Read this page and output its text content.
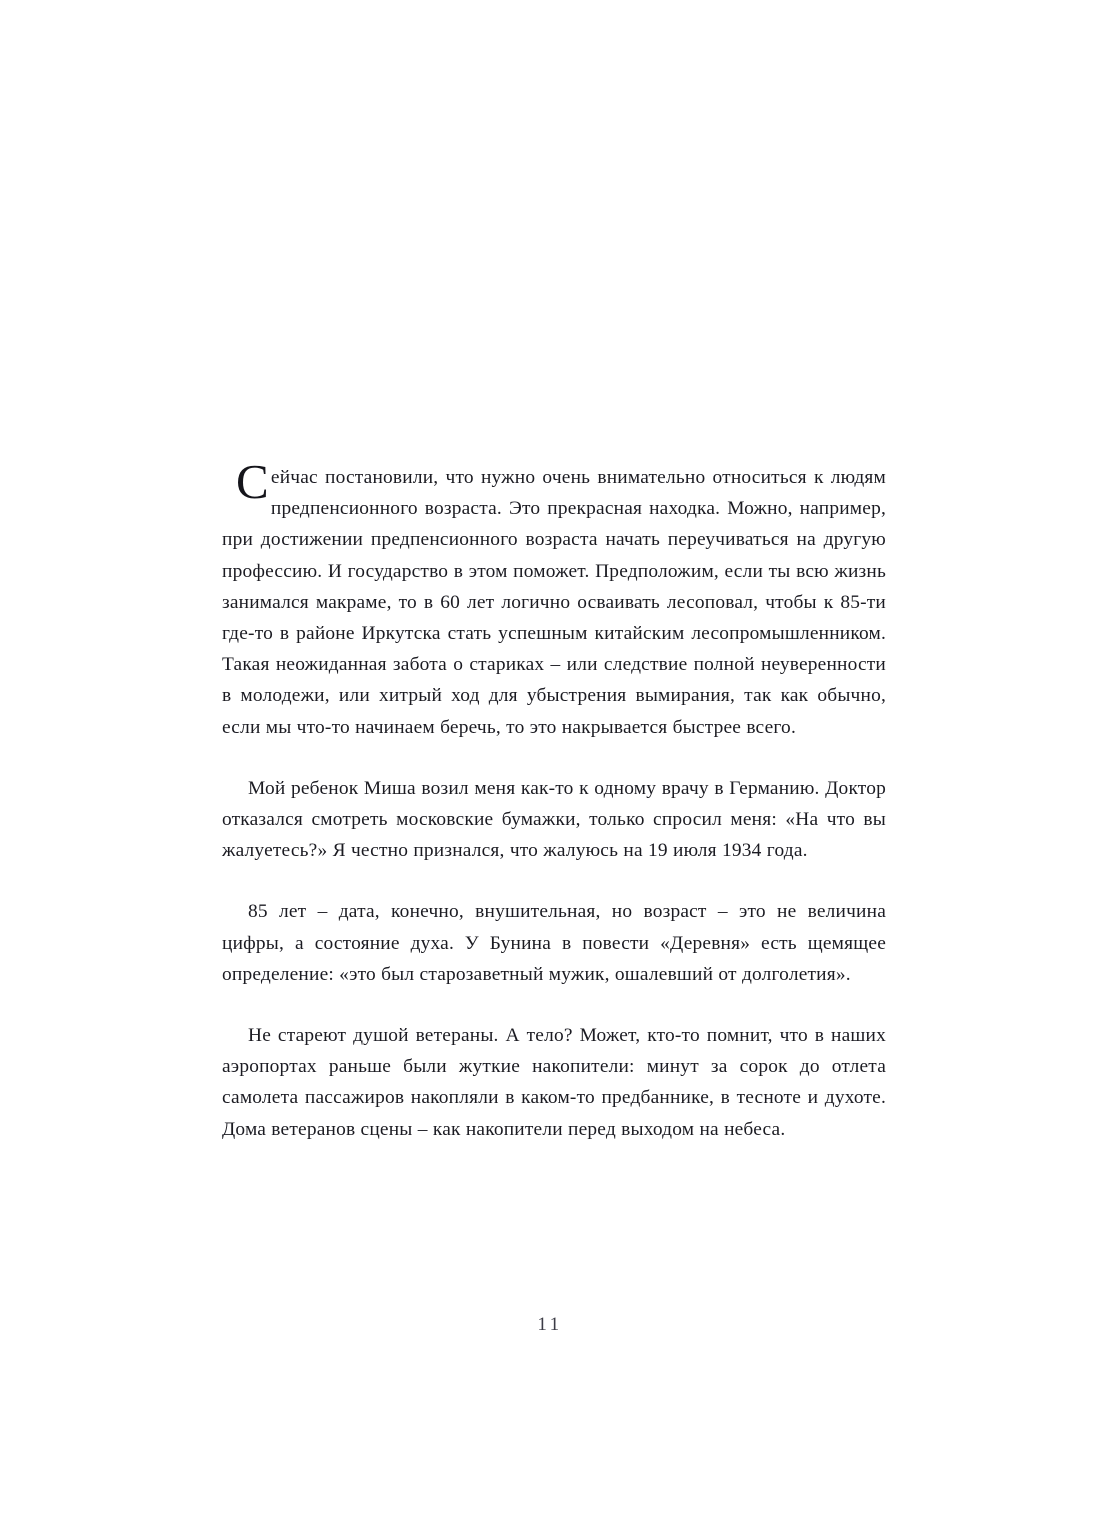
Сейчас постановили, что нужно очень внимательно относиться к людям предпенсионного возраста. Это прекрасная находка. Можно, например, при достижении предпенсионного возраста начать переучиваться на другую профессию. И государство в этом поможет. Предположим, если ты всю жизнь занимался макраме, то в 60 лет логично осваивать лесоповал, чтобы к 85-ти где-то в районе Иркутска стать успешным китайским лесопромышленником. Такая неожиданная забота о стариках – или следствие полной неуверенности в молодежи, или хитрый ход для убыстрения вымирания, так как обычно, если мы что-то начинаем беречь, то это накрывается быстрее всего.

Мой ребенок Миша возил меня как-то к одному врачу в Германию. Доктор отказался смотреть московские бумажки, только спросил меня: «На что вы жалуетесь?» Я честно признался, что жалуюсь на 19 июля 1934 года.

85 лет – дата, конечно, внушительная, но возраст – это не величина цифры, а состояние духа. У Бунина в повести «Деревня» есть щемящее определение: «это был старозаветный мужик, ошалевший от долголетия».

Не стареют душой ветераны. А тело? Может, кто-то помнит, что в наших аэропортах раньше были жуткие накопители: минут за сорок до отлета самолета пассажиров накопляли в каком-то предбаннике, в тесноте и духоте. Дома ветеранов сцены – как накопители перед выходом на небеса.

11
